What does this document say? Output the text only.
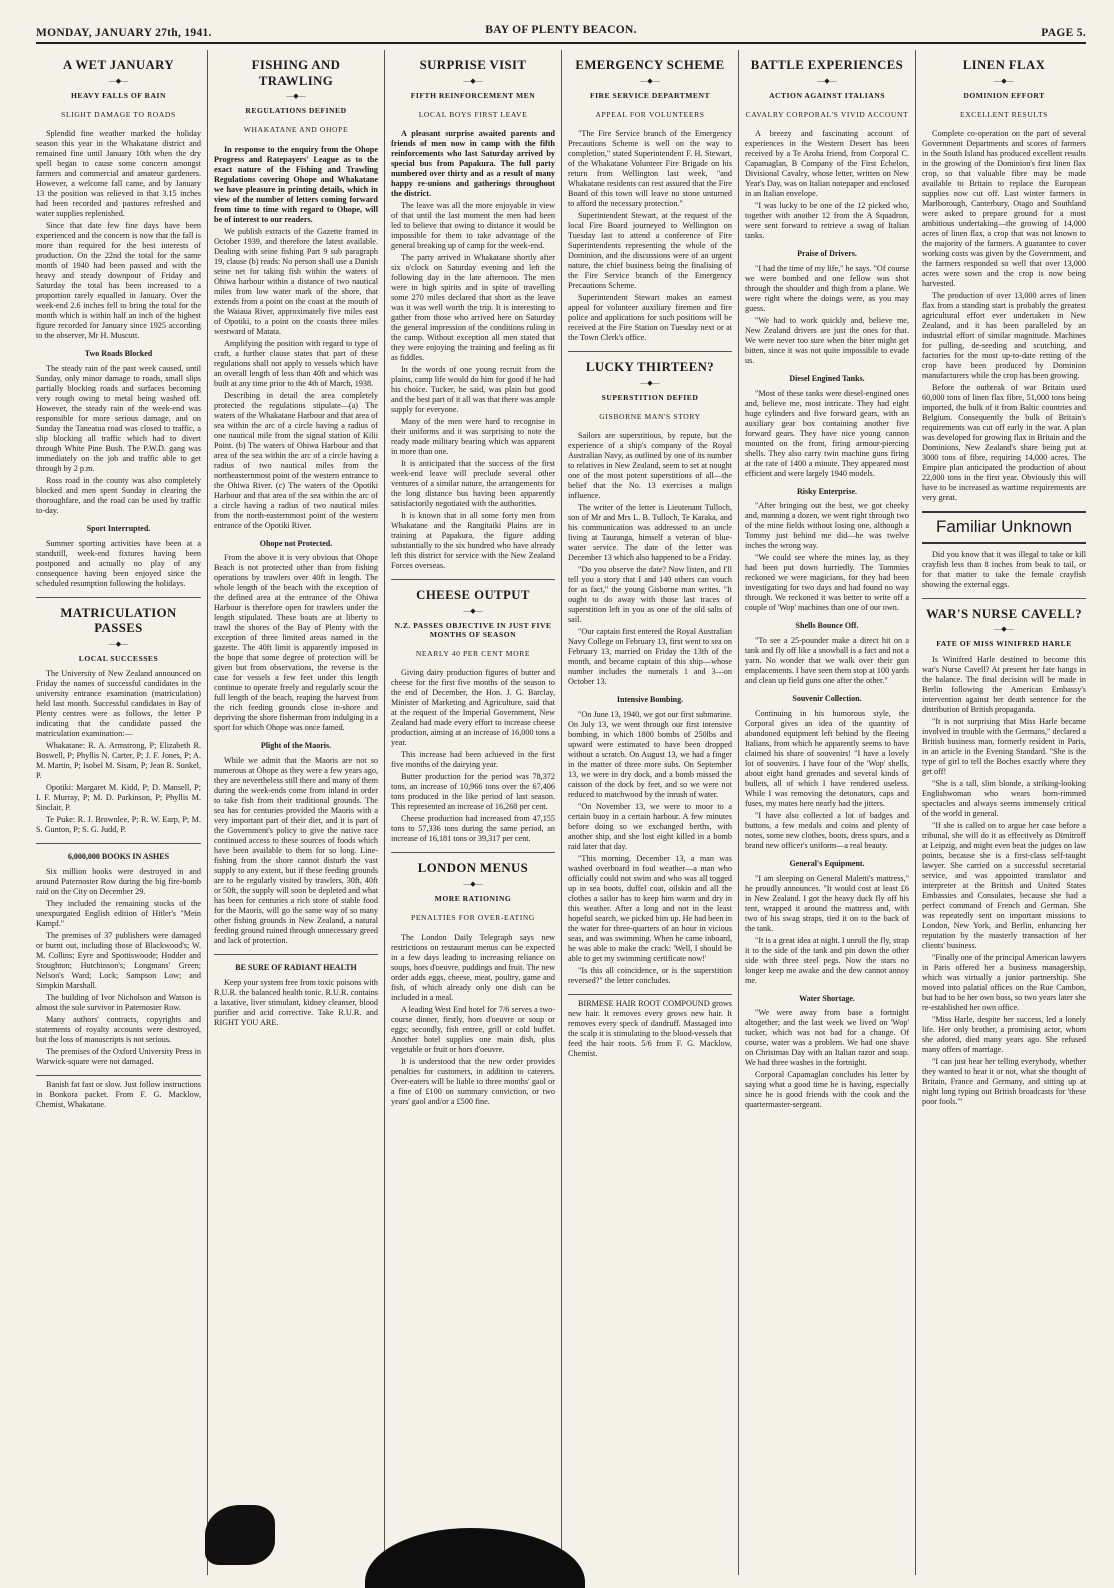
MONDAY, JANUARY 27th, 1941.	BAY OF PLENTY BEACON.	PAGE 5.
A WET JANUARY
—◆—
HEAVY FALLS OF RAIN
SLIGHT DAMAGE TO ROADS

Splendid fine weather marked the holiday season this year in the Whakatane district and remained fine until January 10th when the dry spell began to cause some concern amongst farmers and commercial and amateur gardeners. However, a welcome fall came, and by January 13 the position was relieved in that 3.15 inches had been recorded and pastures refreshed and water supplies replenished.

Since that date few fine days have been experienced and the concern is now that the fall is more than required for the best interests of production. On the 22nd the total for the same month of 1940 had been passed and with the heavy and steady downpour of Friday and Saturday the total has been increased to a proportion rarely equalled in January. Over the week-end 2.6 inches fell to bring the total for the month which is within half an inch of the highest figure recorded for January since 1925 according to the observer, Mr H. Muscutt.

Two Roads Blocked

The steady rain of the past week caused, until Sunday, only minor damage to roads, small slips partially blocking roads and surfaces becoming very rough owing to metal being washed off. However, the steady rain of the week-end was responsible for more serious damage, and on Sunday the Taneatua road was closed to traffic, a slip blocking all traffic which had to divert through White Pine Bush. The P.W.D. gang was immediately on the job and traffic able to get through by 2 p.m.

Ross road in the county was also completely blocked and men spent Sunday in clearing the thoroughfare, and the road can be used by traffic to-day.

Sport Interrupted.

Summer sporting activities have been at a standstill, week-end fixtures having been postponed and actually no play of any consequence having been enjoyed since the scheduled resumption following the holidays.

MATRICULATION PASSES
—◆—
LOCAL SUCCESSES

The University of New Zealand announced on Friday the names of successful candidates in the university entrance examination (matriculation) held last month. Successful candidates in Bay of Plenty centres were as follows, the letter P indicating that the candidate passed the matriculation examination:—

Whakatane: R. A. Armstrong, P; Elizabeth R. Boswell, P; Phyllis N. Carter, P; J. F. Jones, P; A. M. Martin, P; Isobel M. Sisam, P; Jean R. Sunkel, P.

Opotiki: Margaret M. Kidd, P; D. Mansell, P; I. F. Murray, P; M. D. Parkinson, P; Phyllis M. Sinclair, P.

Te Puke: R. J. Brownlee, P; R. W. Earp, P; M. S. Gunton, P; S. G. Judd, P.

6,000,000 BOOKS IN ASHES

Six million books were destroyed in and around Paternoster Row during the big fire-bomb raid on the City on December 29.

They included the remaining stocks of the unexpurgated English edition of Hitler's "Mein Kampf."

The premises of 37 publishers were damaged or burnt out, including those of Blackwood's; W. M. Collins; Eyre and Spottiswoode; Hodder and Stoughton; Hutchinson's; Longmans' Green; Nelson's Ward; Lock; Sampson Low; and Simpkin Marshall.

The building of Ivor Nicholson and Watson is almost the sole survivor in Paternoster Row.

Many authors' contracts, copyrights and statements of royalty accounts were destroyed, but the loss of manuscripts is not serious.

The premises of the Oxford University Press in Warwick-square were not damaged.

Banish fat fast or slow. Just follow instructions in Bonkora packet. From F. G. Macklow, Chemist, Whakatane.

FISHING AND TRAWLING
—◆—
REGULATIONS DEFINED
WHAKATANE AND OHOPE

In response to the enquiry from the Ohope Progress and Ratepayers' League as to the exact nature of the Fishing and Trawling Regulations covering Ohope and Whakatane we have pleasure in printing details, which in view of the number of letters coming forward from time to time with regard to Ohope, will be of interest to our readers.

We publish extracts of the Gazette framed in October 1939, and therefore the latest available. Dealing with seine fishing Part 9 sub paragraph 19, clause (b) reads: No person shall use a Danish seine net for taking fish within the waters of Ohiwa harbour within a distance of two nautical miles from low water mark of the shore, that extends from a point on the coast at the mouth of the Waiaua River, approximately five miles east of Opotiki, to a point on the coasts three miles westward of Matata.

Amplifying the position with regard to type of craft, a further clause states that part of these regulations shall not apply to vessels which have an overall length of less than 40ft and which was built at any time prior to the 4th of March, 1938.

Describing in detail the area completely protected the regulations stipulate—(a) The waters of the Whakatane Harbour and that area of sea within the arc of a circle having a radius of one nautical mile from the signal station of Kilii Point. (b) The waters of Ohiwa Harbour and that area of the sea within the arc of a circle having a radius of two nautical miles from the northeasternmost point of the western entrance to the Ohiwa River. (c) The waters of the Opotiki Harbour and that area of the sea within the arc of a circle having a radius of two nautical miles from the north-easternmost point of the western entrance of the Opotiki River.

Ohope not Protected.

From the above it is very obvious that Ohope Beach is not protected other than from fishing operations by trawlers over 40ft in length. The whole length of the beach with the exception of the defined area at the entrance of the Ohiwa Harbour is therefore open for trawlers under the length stipulated. These boats are at liberty to trawl the shores of the Bay of Plenty with the exception of three limited areas named in the gazette. The 40ft limit is apparently imposed in the hope that some degree of protection will be given but from observations, the reverse is the case for vessels a few feet under this length continue to operate freely and regularly scour the full length of the beach, reaping the harvest from the rich feeding grounds close in-shore and depriving the shore fisherman from indulging in a sport for which Ohope was once famed.

Plight of the Maoris.

While we admit that the Maoris are not so numerous at Ohope as they were a few years ago, they are nevertheless still there and many of them during the week-ends come from inland in order to take fish from their traditional grounds. The sea has for centuries provided the Maoris with a very important part of their diet, and it is part of the Government's policy to give the native race continued access to these sources of foods which have been available to them for so long. Line-fishing from the shore cannot disturb the vast supply to any extent, but if these feeding grounds are to be regularly visited by trawlers, 30ft, 40ft or 50ft, the supply will soon be depleted and what has been for centuries a rich store of stable food for the Maoris, will go the same way of so many other fishing grounds in New Zealand, a natural feeding ground ruined through unnecessary greed and lack of protection.

BE SURE OF RADIANT HEALTH

Keep your system free from toxic poisons with R.U.R. the balanced health tonic. R.U.R. contains a laxative, liver stimulant, kidney cleanser, blood purifier and acid corrective. Take R.U.R. and RIGHT YOU ARE.

SURPRISE VISIT
—◆—
FIFTH REINFORCEMENT MEN
LOCAL BOYS FIRST LEAVE

A pleasant surprise awaited parents and friends of men now in camp with the fifth reinforcements who last Saturday arrived by special bus from Papakura. The full party numbered over thirty and as a result of many happy re-unions and gatherings throughout the district.

The leave was all the more enjoyable in view of that until the last moment the men had been led to believe that owing to distance it would be impossible for them to take advantage of the general breaking up of camp for the week-end.

The party arrived in Whakatane shortly after six o'clock on Saturday evening and left the following day in the late afternoon. The men were in high spirits and in spite of travelling some 270 miles declared that short as the leave was it was well worth the trip. It is interesting to gather from those who arrived here on Saturday the general impression of the conditions ruling in the camp. Without exception all men stated that they were enjoying the training and feeling as fit as fiddles.

In the words of one young recruit from the plains, camp life would do him for good if he had his choice. Tucker, he said, was plain but good and the best part of it all was that there was ample supply for everyone.

Many of the men were hard to recognise in their uniforms and it was surprising to note the ready made military bearing which was apparent in more than one.

It is anticipated that the success of the first week-end leave will preclude several other ventures of a similar nature, the arrangements for the long distance bus having been apparently satisfactorily negotiated with the authorities.

It is known that in all some forty men from Whakatane and the Rangitaiki Plains are in training at Papakura, the figure adding substantially to the six hundred who have already left this district for service with the New Zealand Forces overseas.

CHEESE OUTPUT
—◆—
N.Z. PASSES OBJECTIVE IN JUST FIVE MONTHS OF SEASON
NEARLY 40 PER CENT MORE

Giving dairy production figures of butter and cheese for the first five months of the season to the end of December, the Hon. J. G. Barclay, Minister of Marketing and Agriculture, said that at the request of the Imperial Government, New Zealand had made every effort to increase cheese production, aiming at an increase of 16,000 tons a year.

This increase had been achieved in the first five months of the dairying year.

Butter production for the period was 78,372 tons, an increase of 10,966 tons over the 67,406 tons produced in the like period of last season. This represented an increase of 16,268 per cent.

Cheese production had increased from 47,155 tons to 57,336 tons during the same period, an increase of 16,181 tons or 39,317 per cent.

LONDON MENUS
—◆—
MORE RATIONING
PENALTIES FOR OVER-EATING

The London Daily Telegraph says new restrictions on restaurant menus can be expected in a few days leading to increasing reliance on soups, hors d'oeuvre, puddings and fruit. The new order adds eggs, cheese, meat, poultry, game and fish, of which already only one dish can be included in a meal.

A leading West End hotel for 7/6 serves a two-course dinner, firstly, hors d'oeuvre or soup or eggs; secondly, fish entree, grill or cold buffet. Another hotel supplies one main dish, plus vegetable or fruit or hors d'oeuvre.

It is understood that the new order provides penalties for customers, in addition to caterers. Over-eaters will be liable to three months' gaol or a fine of £100 on summary conviction, or two years' gaol and/or a £500 fine.

EMERGENCY SCHEME
—◆—
FIRE SERVICE DEPARTMENT
APPEAL FOR VOLUNTEERS

"The Fire Service branch of the Emergency Precautions Scheme is well on the way to completion," stated Superintendent F. H. Stewart, of the Whakatane Volunteer Fire Brigade on his return from Wellington last week, "and Whakatane residents can rest assured that the Fire Board of this town will leave no stone unturned to afford the necessary protection."

Superintendent Stewart, at the request of the local Fire Board journeyed to Wellington on Tuesday last to attend a conference of Fire Superintendents representing the whole of the Dominion, and the discussions were of an urgent nature, the chief business being the finalising of the Fire Service branch of the Emergency Precautions Scheme.

Superintendent Stewart makes an earnest appeal for volunteer auxiliary firemen and fire police and applications for such positions will be received at the Fire Station on Tuesday next or at the Town Clerk's office.

LUCKY THIRTEEN?
—◆—
SUPERSTITION DEFIED
GISBORNE MAN'S STORY

Sailors are superstitious, by repute, but the experience of a ship's company of the Royal Australian Navy, as outlined by one of its number to relatives in New Zealand, seem to set at nought one of the most potent superstitions of all—the belief that the No. 13 exercises a malign influence.

The writer of the letter is Lieutenant Tulloch, son of Mr and Mrs L. B. Tulloch, Te Karaka, and his communication was addressed to an uncle living at Tauranga, himself a veteran of blue-water service. The date of the letter was December 13 which also happened to be a Friday.

"Do you observe the date? Now listen, and I'll tell you a story that I and 140 others can vouch for as fact," the young Gisborne man writes. "It ought to do away with those last traces of superstition left in you as one of the old salts of sail.

"Our captain first entered the Royal Australian Navy College on February 13, first went to sea on February 13, married on Friday the 13th of the month, and became captain of this ship—whose number includes the numerals 1 and 3—on October 13.

Intensive Bombing.

"On June 13, 1940, we got our first submarine. On July 13, we went through our first intensive bombing, in which 1800 bombs of 250lbs and upward were estimated to have been dropped without a scratch. On August 13, we had a finger in the matter of three more subs. On September 13, we were in dry dock, and a bomb missed the caisson of the dock by feet, and so we were not reduced to matchwood by the inrush of water.

"On November 13, we were to moor to a certain buoy in a certain harbour. A few minutes before doing so we exchanged berths, with another ship, and she lost eight killed in a bomb raid later that day.

"This morning, December 13, a man was washed overboard in foul weather—a man who officially could not swim and who was all togged up in sea boots, duffel coat, oilskin and all the clothes a sailor has to keep him warm and dry in this weather. After a long and not in the least hopeful search, we picked him up. He had been in the water for three-quarters of an hour in vicious seas, and was swimming. When he came inboard, he was able to make the crack: 'Well, I should be able to get my swimming certificate now!'

"Is this all coincidence, or is the superstition reversed?" the letter concludes.

BIRMESE HAIR ROOT COMPOUND grows new hair. It removes every grows new hair. It removes every speck of dandruff. Massaged into the scalp it is stimulating to the blood-vessels that feed the hair roots. 5/6 from F. G. Macklow, Chemist.

BATTLE EXPERIENCES
—◆—
ACTION AGAINST ITALIANS
CAVALRY CORPORAL'S VIVID ACCOUNT

A breezy and fascinating account of experiences in the Western Desert has been received by a Te Aroha friend, from Corporal C. Capamaglan, B Company of the First Echelon, Divisional Cavalry, whose letter, written on New Year's Day, was on Italian notepaper and enclosed in an Italian envelope.

"I was lucky to be one of the 12 picked who, together with another 12 from the A Squadron, were sent forward to retrieve a swag of Italian tanks.

Praise of Drivers.

"I had the time of my life," he says. "Of course we were bombed and one fellow was shot through the shoulder and thigh from a plane. We were right where the doings were, as you may guess.

"We had to work quickly and, believe me, New Zealand drivers are just the ones for that. We were never too sure when the biter might get bitten, since it was not quite impossible to evade us.

Diesel Engined Tanks.

"Most of these tanks were diesel-engined ones and, believe me, most intricate. They had eight huge cylinders and five forward gears, with an auxiliary gear box containing another five forward gears. They have nice young cannon mounted on the front, firing armour-piercing shells. They also carry twin machine guns firing at the rate of 1400 a minute. They appeared most efficient and were largely 1940 models.

Risky Enterprise.

"After bringing out the best, we got cheeky and, manning a dozen, we went right through two of the mine fields without losing one, although a Tommy just behind me did—he was twelve inches the wrong way.

"We could see where the mines lay, as they had been put down hurriedly. The Tommies reckoned we were magicians, for they had been investigating for two days and had found no way through. We reckoned it was better to write off a couple of 'Wop' machines than one of our own.

Shells Bounce Off.

"To see a 25-pounder make a direct hit on a tank and fly off like a snowball is a fact and not a yarn. No wonder that we walk over their gun emplacements. I have seen them stop at 100 yards and clean up field guns one after the other."

Souvenir Collection.

Continuing in his humorous style, the Corporal gives an idea of the quantity of abandoned equipment left behind by the fleeing Italians, from which he apparently seems to have claimed his share of souvenirs! "I have a lovely lot of souvenirs. I have four of the 'Wop' shells, about eight hand grenades and several kinds of bullets, all of which I have rendered useless. While I was removing the detonators, caps and fuses, my mates here nearly had the jitters.

"I have also collected a lot of badges and buttons, a few medals and coins and plenty of notes, some new clothes, boots, dress spurs, and a brand new officer's uniform—a real beauty.

General's Equipment.

"I am sleeping on General Maletti's mattress," he proudly announces. "It would cost at least £6 in New Zealand. I got the heavy duck fly off his tent, wrapped it around the mattress and, with two of his swag straps, tied it on to the back of the tank.

"It is a great idea at night. I unroll the fly, strap it to the side of the tank and pin down the other side with three steel pegs. Now the stars no longer keep me awake and the dew cannot annoy me.

Water Shortage.

"We were away from base a fortnight altogether; and the last week we lived on 'Wop' tucker, which was not bad for a change. Of course, water was a problem. We had one shave on Christmas Day with an Italian razor and soap. We had three washes in the fortnight.

Corporal Capamaglan concludes his letter by saying what a good time he is having, especially since he is good friends with the cook and the quartermaster-sergeant.

LINEN FLAX
—◆—
DOMINION EFFORT
EXCELLENT RESULTS

Complete co-operation on the part of several Government Departments and scores of farmers in the South Island has produced excellent results in the growing of the Dominion's first linen flax crop, so that valuable fibre may be made available to Britain to replace the European supplies now cut off. Last winter farmers in Marlborough, Canterbury, Otago and Southland were asked to prepare ground for a most ambitious undertaking—the growing of 14,000 acres of linen flax, a crop that was not known to the majority of the farmers. A guarantee to cover working costs was given by the Government, and the farmers responded so well that over 13,000 acres were sown and the crop is now being harvested.

The production of over 13,000 acres of linen flax from a standing start is probably the greatest agricultural effort ever undertaken in New Zealand, and it has been paralleled by an industrial effort of similar magnitude. Machines for pulling, de-seeding and scutching, and factories for the most up-to-date retting of the crop have been produced by Dominion manufacturers while the crop has been growing.

Before the outbreak of war Britain used 60,000 tons of linen flax fibre, 51,000 tons being imported, the bulk of it from Baltic countries and Belgium. Consequently the bulk of Britain's requirements was cut off early in the war. A plan was developed for growing flax in Britain and the Dominions, New Zealand's share being put at 3000 tons of fibre, requiring 14,000 acres. The Empire plan anticipated the production of about 22,000 tons in the first year. Obviously this will have to be increased as wartime requirements are very great.

Familiar Unknown

Did you know that it was illegal to take or kill crayfish less than 8 inches from beak to tail, or for that matter to take the female crayfish showing the external eggs.

WAR'S NURSE CAVELL?
—◆—
FATE OF MISS WINIFRED HARLE

Is Winifred Harle destined to become this war's Nurse Cavell? At present her fate hangs in the balance. The final decision will be made in Berlin following the American Embassy's intervention against her death sentence for the distribution of British propaganda.

"It is not surprising that Miss Harle became involved in trouble with the Germans," declared a British business man, formerly resident in Paris, in an article in the Evening Standard. "She is the type of girl to tell the Boches exactly where they get off!

"She is a tall, slim blonde, a striking-looking Englishwoman who wears horn-rimmed spectacles and always seems immensely critical of the world in general.

"If she is called on to argue her case before a tribunal, she will do it as effectively as Dimitroff at Leipzig, and might even beat the judges on law points, because she is a first-class self-taught lawyer. She carried on a successful secretarial service, and was appointed translator and interpreter at the British and United States Embassies and Consulates, because she had a perfect command of French and German. She was repeatedly sent on important missions to London, New York, and Berlin, enhancing her reputation by the masterly transaction of her clients' business.

"Finally one of the principal American lawyers in Paris offered her a business managership, which was virtually a junior partnership. She moved into palatial offices on the Rue Cambon, but had to be her own boss, so two years later she re-established her own office.

"Miss Harle, despite her success, led a lonely life. Her only brother, a promising actor, whom she adored, died many years ago. She refused many offers of marriage.

"I can just hear her telling everybody, whether they wanted to hear it or not, what she thought of Britain, France and Germany, and sitting up at night long typing out British broadcasts for 'these poor fools.'"
